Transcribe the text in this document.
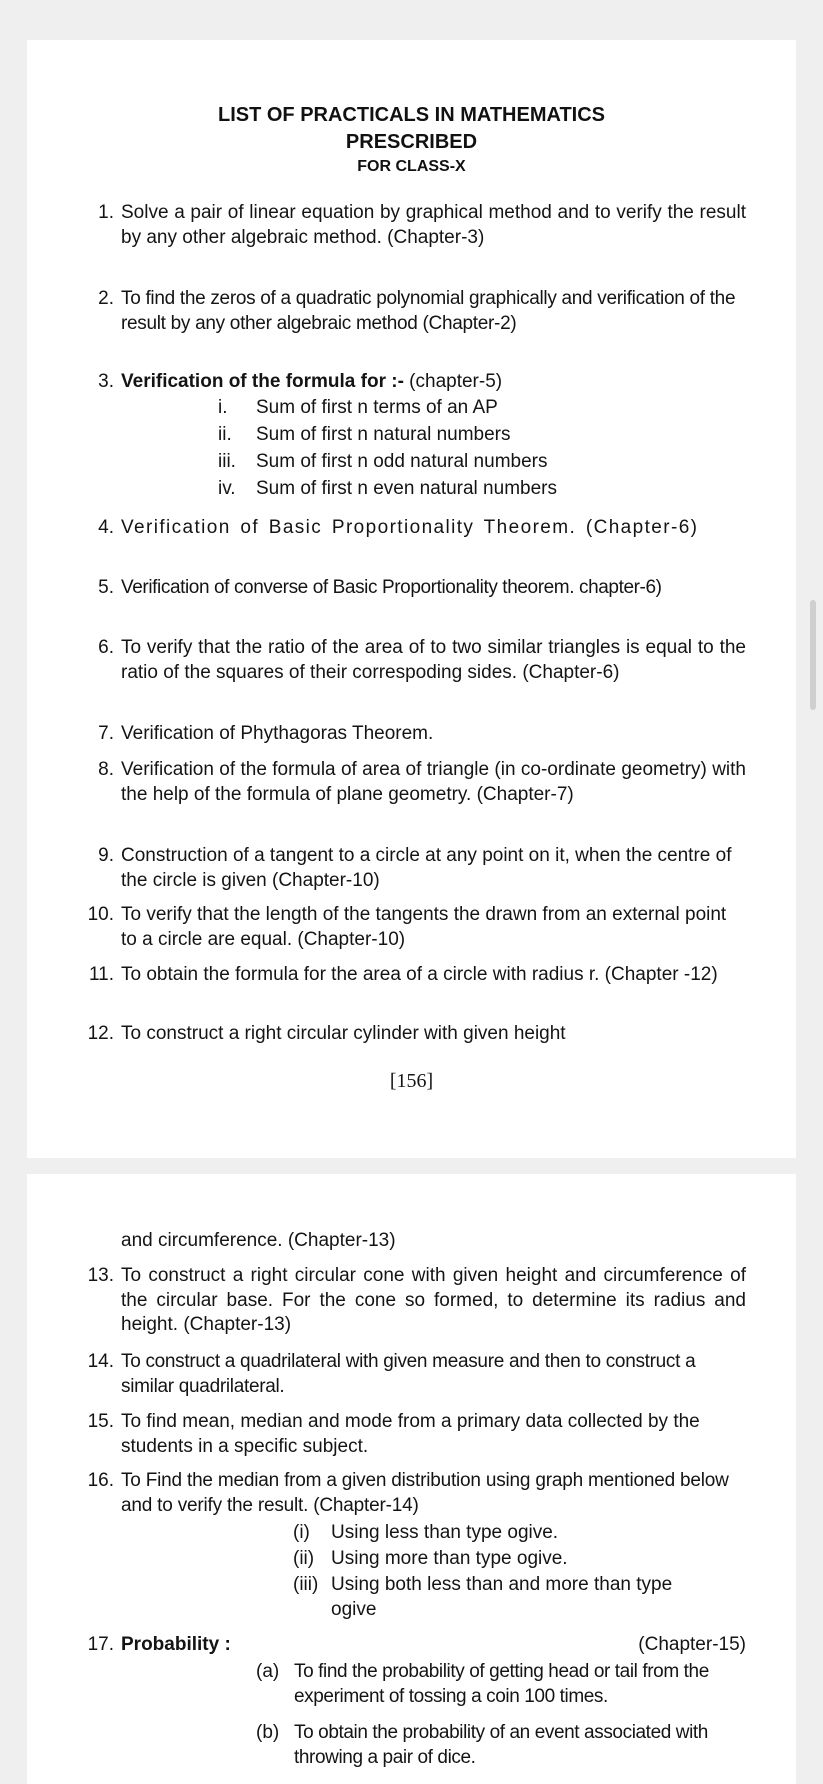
LIST OF PRACTICALS IN MATHEMATICS
PRESCRIBED
FOR CLASS-X
1. Solve a pair of linear equation by graphical method and to verify the result by any other algebraic method. (Chapter-3)
2. To find the zeros of a quadratic polynomial graphically and verification of the result by any other algebraic method (Chapter-2)
3. Verification of the formula for :- (chapter-5)
i.	Sum of first n terms of an AP
ii.	Sum of first n natural numbers
iii.	Sum of first n odd natural numbers
iv.	Sum of first n even natural numbers
4. Verification of Basic Proportionality Theorem. (Chapter-6)
5. Verification of converse of Basic Proportionality theorem. chapter-6)
6. To verify that the ratio of the area of to two similar triangles is equal to the ratio of the squares of their correspoding sides. (Chapter-6)
7. Verification of Phythagoras Theorem.
8. Verification of the formula of area of triangle (in co-ordinate geometry) with the help of the formula of plane geometry. (Chapter-7)
9. Construction of a tangent to a circle at any point on it, when the centre of the circle is given (Chapter-10)
10. To verify that the length of the tangents the drawn from an external point to a circle are equal. (Chapter-10)
11. To obtain the formula for the area of a circle with radius r. (Chapter -12)
12. To construct a right circular cylinder with given height
[156]
and circumference. (Chapter-13)
13. To construct a right circular cone with given height and circumference of the circular base. For the cone so formed, to determine its radius and height. (Chapter-13)
14. To construct a quadrilateral with given measure and then to construct a similar quadrilateral.
15. To find mean, median and mode from a primary data collected by the students in a specific subject.
16. To Find the median from a given distribution using graph mentioned below and to verify the result. (Chapter-14)
(i)	Using less than type ogive.
(ii) Using more than type ogive.
(iii) Using both less than and more than type ogive
17. Probability :	(Chapter-15)
(a) To find the probability of getting head or tail from the experiment of tossing a coin 100 times.
(b) To obtain the probability of an event associated with throwing a pair of dice.
